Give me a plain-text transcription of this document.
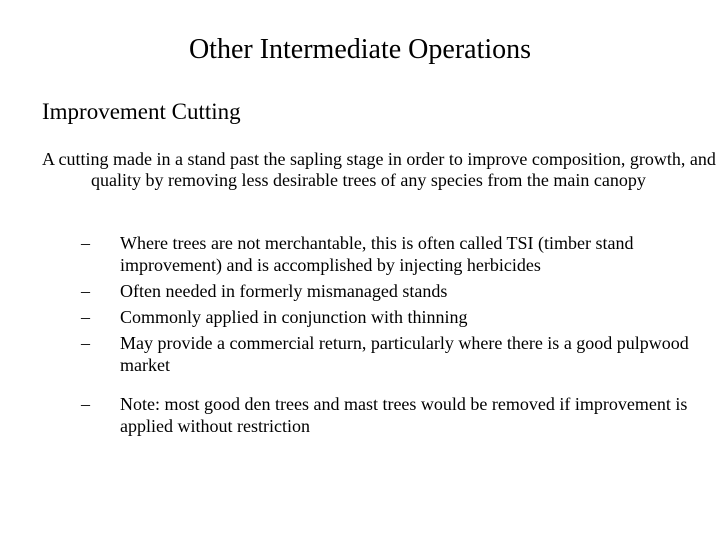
Other Intermediate Operations
Improvement Cutting
A cutting made in a stand past the sapling stage in order to improve composition, growth, and quality by removing less desirable trees of any species from the main canopy
– Where trees are not merchantable, this is often called TSI (timber stand improvement) and is accomplished by injecting herbicides
– Often needed in formerly mismanaged stands
– Commonly applied in conjunction with thinning
– May provide a commercial return, particularly where there is a good pulpwood market
– Note: most good den trees and mast trees would be removed if improvement is applied without restriction
